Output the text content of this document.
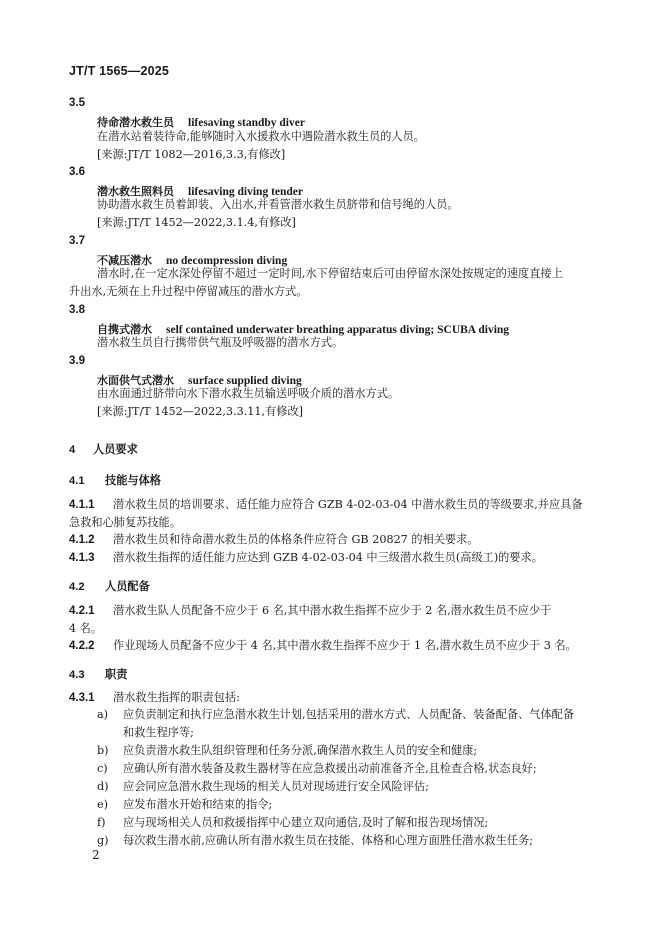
JT/T 1565—2025
3.5
待命潜水救生员 lifesaving standby diver
在潜水站着装待命,能够随时入水援救水中遇险潜水救生员的人员。
[来源:JT/T 1082—2016,3.3,有修改]
3.6
潜水救生照料员 lifesaving diving tender
协助潜水救生员着卸装、入出水,并看管潜水救生员脐带和信号绳的人员。
[来源:JT/T 1452—2022,3.1.4,有修改]
3.7
不减压潜水 no decompression diving
潜水时,在一定水深处停留不超过一定时间,水下停留结束后可由停留水深处按规定的速度直接上
升出水,无须在上升过程中停留减压的潜水方式。
3.8
自携式潜水 self contained underwater breathing apparatus diving; SCUBA diving
潜水救生员自行携带供气瓶及呼吸器的潜水方式。
3.9
水面供气式潜水 surface supplied diving
由水面通过脐带向水下潜水救生员输送呼吸介质的潜水方式。
[来源:JT/T 1452—2022,3.3.11,有修改]
4 人员要求
4.1 技能与体格
4.1.1 潜水救生员的培训要求、适任能力应符合 GZB 4-02-03-04 中潜水救生员的等级要求,并应具备
急救和心肺复苏技能。
4.1.2 潜水救生员和待命潜水救生员的体格条件应符合 GB 20827 的相关要求。
4.1.3 潜水救生指挥的适任能力应达到 GZB 4-02-03-04 中三级潜水救生员(高级工)的要求。
4.2 人员配备
4.2.1 潜水救生队人员配备不应少于 6 名,其中潜水救生指挥不应少于 2 名,潜水救生员不应少于
4 名。
4.2.2 作业现场人员配备不应少于 4 名,其中潜水救生指挥不应少于 1 名,潜水救生员不应少于 3 名。
4.3 职责
4.3.1 潜水救生指挥的职责包括:
a)	应负责制定和执行应急潜水救生计划,包括采用的潜水方式、人员配备、装备配备、气体配备
和救生程序等;
b)	应负责潜水救生队组织管理和任务分派,确保潜水救生人员的安全和健康;
c)	应确认所有潜水装备及救生器材等在应急救援出动前准备齐全,且检查合格,状态良好;
d)	应会同应急潜水救生现场的相关人员对现场进行安全风险评估;
e)	应发布潜水开始和结束的指令;
f)	应与现场相关人员和救援指挥中心建立双向通信,及时了解和报告现场情况;
g)	每次救生潜水前,应确认所有潜水救生员在技能、体格和心理方面胜任潜水救生任务;
2
